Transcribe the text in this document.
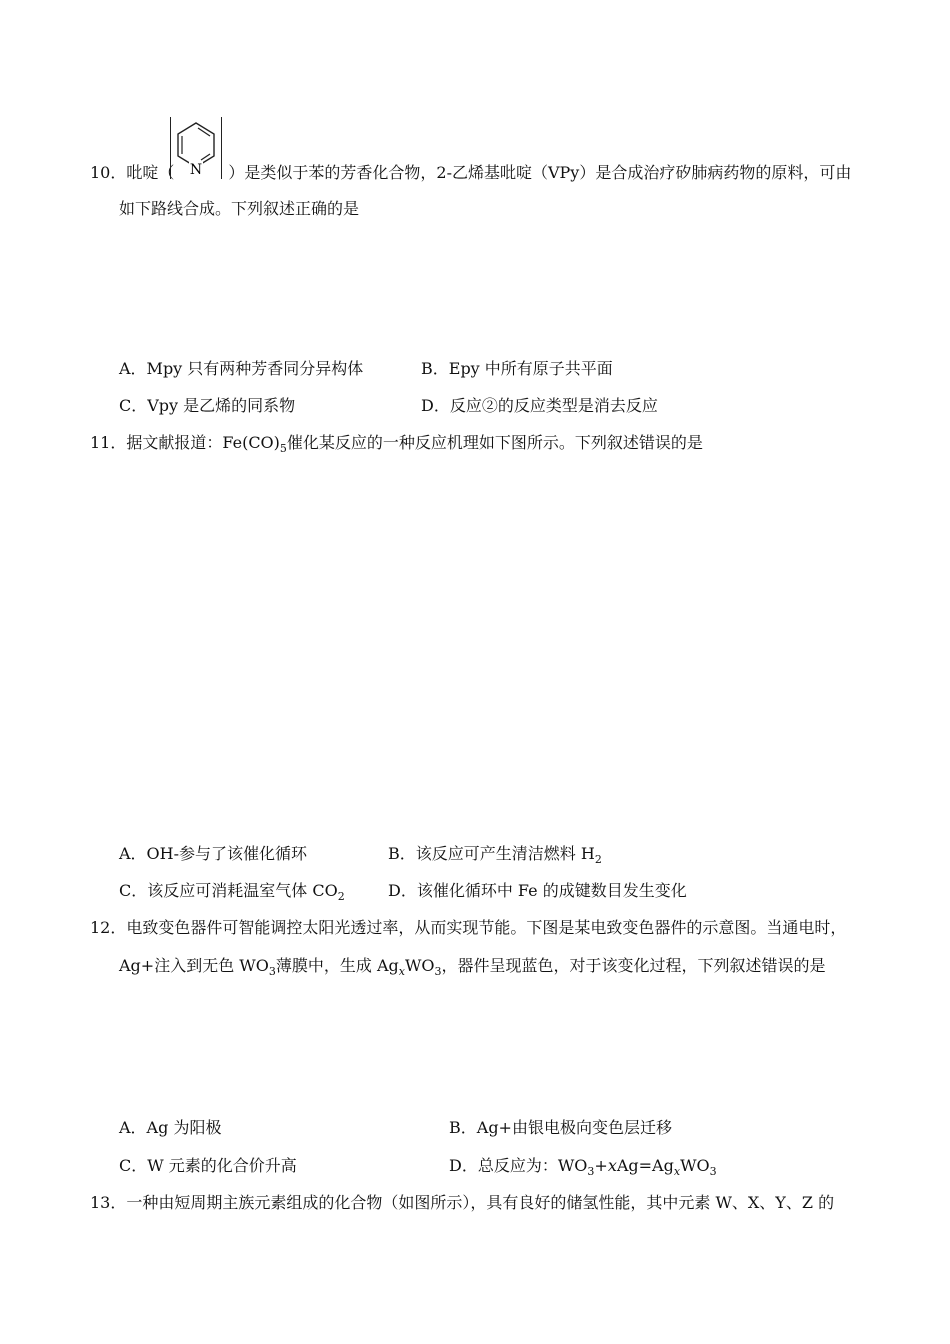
10．吡啶（	）是类似于苯的芳香化合物，2-乙烯基吡啶（VPy）是合成治疗矽肺病药物的原料，可由
N
如下路线合成。下列叙述正确的是
A．Mpy 只有两种芳香同分异构体	B．Epy 中所有原子共平面
C．Vpy 是乙烯的同系物	D．反应②的反应类型是消去反应
11．据文献报道：$Fe(CO)_5$催化某反应的一种反应机理如下图所示。下列叙述错误的是
A．OH-参与了该催化循环	B．该反应可产生清洁燃料 $H_2$
C．该反应可消耗温室气体 $CO_2$	D．该催化循环中 Fe 的成键数目发生变化
12．电致变色器件可智能调控太阳光透过率，从而实现节能。下图是某电致变色器件的示意图。当通电时，
Ag+注入到无色 $WO_3$薄膜中，生成 $Ag_xWO_3$，器件呈现蓝色，对于该变化过程，下列叙述错误的是
A．Ag 为阳极	B．Ag+由银电极向变色层迁移
C．W 元素的化合价升高	D．总反应为：$WO_3+xAg=Ag_xWO_3$
13．一种由短周期主族元素组成的化合物（如图所示），具有良好的储氢性能，其中元素 W、X、Y、Z 的
